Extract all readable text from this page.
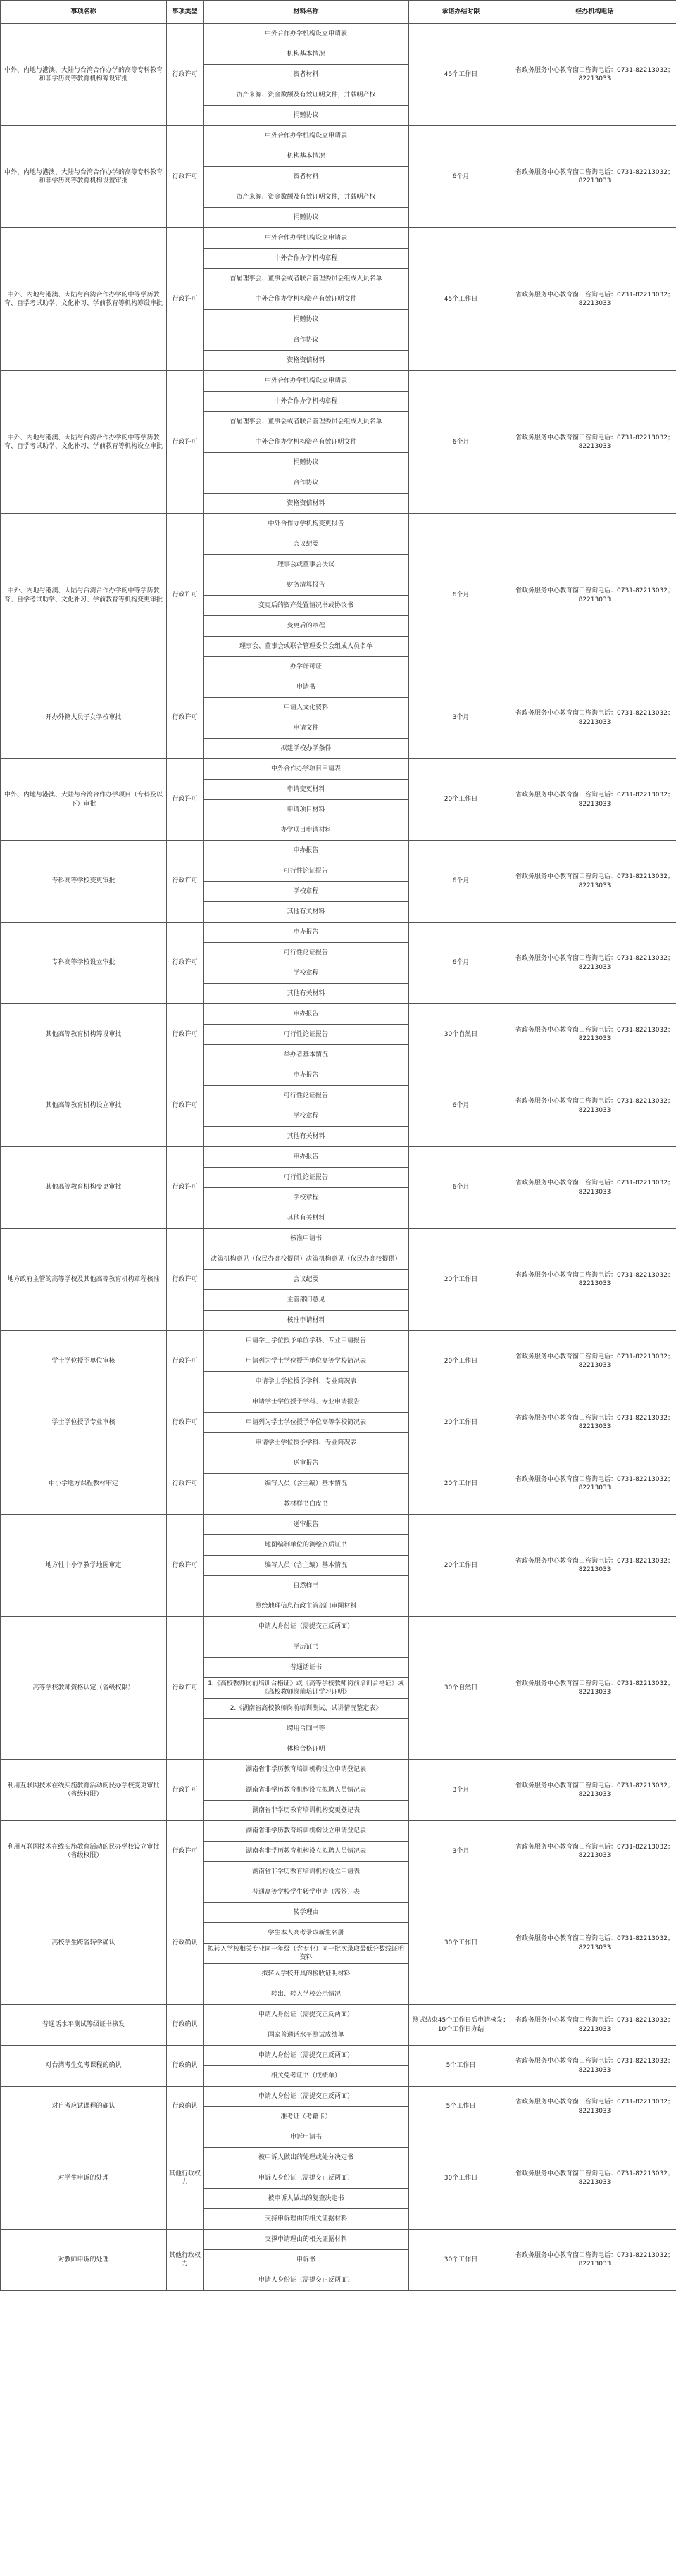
事项名称	事项类型	材料名称	承诺办结时限	经办机构电话
中外、内地与港澳、大陆与台湾合作办学的高等专科教育和非学历高等教育机构筹设审批	行政许可	中外合作办学机构设立申请表	45个工作日	省政务服务中心教育窗口咨询电话：0731-82213032；82213033
		机构基本情况		
		资者材料		
		资产来源、资金数额及有效证明文件，并载明产权		
		捐赠协议		
中外、内地与港澳、大陆与台湾合作办学的高等专科教育和非学历高等教育机构设置审批	行政许可	中外合作办学机构设立申请表	6个月	省政务服务中心教育窗口咨询电话：0731-82213032；82213033
		机构基本情况		
		资者材料		
		资产来源、资金数额及有效证明文件，并载明产权		
		捐赠协议		
中外、内地与港澳、大陆与台湾合作办学的中等学历教育、自学考试助学、文化补习、学前教育等机构筹设审批	行政许可	中外合作办学机构设立申请表	45个工作日	省政务服务中心教育窗口咨询电话：0731-82213032；82213033
		中外合作办学机构章程		
		首届理事会、董事会或者联合管理委员会组成人员名单		
		中外合作办学机构资产有效证明文件		
		捐赠协议		
		合作协议		
		资格资信材料		
中外、内地与港澳、大陆与台湾合作办学的中等学历教育、自学考试助学、文化补习、学前教育等机构设立审批	行政许可	中外合作办学机构设立申请表	6个月	省政务服务中心教育窗口咨询电话：0731-82213032；82213033
		中外合作办学机构章程		
		首届理事会、董事会或者联合管理委员会组成人员名单		
		中外合作办学机构资产有效证明文件		
		捐赠协议		
		合作协议		
		资格资信材料		
中外、内地与港澳、大陆与台湾合作办学的中等学历教育、自学考试助学、文化补习、学前教育等机构变更审批	行政许可	中外合作办学机构变更报告	6个月	省政务服务中心教育窗口咨询电话：0731-82213032；82213033
		会议纪要		
		理事会或董事会决议		
		财务清算报告		
		变更后的资产处置情况书或协议书		
		变更后的章程		
		理事会、董事会或联合管理委员会组成人员名单		
		办学许可证		
开办外籍人员子女学校审批	行政许可	申请书	3个月	省政务服务中心教育窗口咨询电话：0731-82213032；82213033
		申请人文化资料		
		申请文件		
		拟建学校办学条件		
中外、内地与港澳、大陆与台湾合作办学项目（专科及以下）审批	行政许可	中外合作办学项目申请表	20个工作日	省政务服务中心教育窗口咨询电话：0731-82213032；82213033
		申请变更材料		
		申请项目材料		
		办学项目申请材料		
专科高等学校变更审批	行政许可	申办报告	6个月	省政务服务中心教育窗口咨询电话：0731-82213032；82213033
		可行性论证报告		
		学校章程		
		其他有关材料		
专科高等学校设立审批	行政许可	申办报告	6个月	省政务服务中心教育窗口咨询电话：0731-82213032；82213033
		可行性论证报告		
		学校章程		
		其他有关材料		
其他高等教育机构筹设审批	行政许可	申办报告	30个自然日	省政务服务中心教育窗口咨询电话：0731-82213032；82213033
		可行性论证报告		
		举办者基本情况		
其他高等教育机构设立审批	行政许可	申办报告	6个月	省政务服务中心教育窗口咨询电话：0731-82213032；82213033
		可行性论证报告		
		学校章程		
		其他有关材料		
其他高等教育机构变更审批	行政许可	申办报告	6个月	省政务服务中心教育窗口咨询电话：0731-82213032；82213033
		可行性论证报告		
		学校章程		
		其他有关材料		
地方政府主管的高等学校及其他高等教育机构章程核准	行政许可	核准申请书	20个工作日	省政务服务中心教育窗口咨询电话：0731-82213032；82213033
		决策机构意见（仅民办高校提供）决策机构意见（仅民办高校提供）		
		会议纪要		
		主管部门意见		
		核准申请材料		
学士学位授予单位审核	行政许可	申请学士学位授予单位学科、专业申请报告	20个工作日	省政务服务中心教育窗口咨询电话：0731-82213032；82213033
		申请列为学士学位授予单位高等学校简况表		
		申请学士学位授予学科、专业简况表		
学士学位授予专业审核	行政许可	申请学士学位授予学科、专业申请报告	20个工作日	省政务服务中心教育窗口咨询电话：0731-82213032；82213033
		申请列为学士学位授予单位高等学校简况表		
		申请学士学位授予学科、专业简况表		
中小学地方课程教材审定	行政许可	送审报告	20个工作日	省政务服务中心教育窗口咨询电话：0731-82213032；82213033
		编写人员（含主编）基本情况		
		教材样书白皮书		
地方性中小学教学地图审定	行政许可	送审报告	20个工作日	省政务服务中心教育窗口咨询电话：0731-82213032；82213033
		地图编制单位的测绘资质证书		
		编写人员（含主编）基本情况		
		自然样书		
		测绘地理信息行政主管部门审图材料		
高等学校教师资格认定（省级权限）	行政许可	申请人身份证（需提交正反两面）	30个自然日	省政务服务中心教育窗口咨询电话：0731-82213032；82213033
		学历证书		
		普通话证书		
		1.《高校教师岗前培训合格证》或《高等学校教师岗前培训合格证》或《高校教师岗前培训学习证明》		
		2.《湖南省高校教师岗前培训测试、试讲情况鉴定表》		
		聘用合同书等		
		体检合格证明		
利用互联网技术在线实施教育活动的民办学校变更审批（省级权限）	行政许可	湖南省非学历教育培训机构设立申请登记表	3个月	省政务服务中心教育窗口咨询电话：0731-82213032；82213033
		湖南省非学历教育机构设立拟聘人员情况表		
		湖南省非学历教育培训机构变更登记表		
利用互联网技术在线实施教育活动的民办学校设立审批（省级权限）	行政许可	湖南省非学历教育培训机构设立申请登记表	3个月	省政务服务中心教育窗口咨询电话：0731-82213032；82213033
		湖南省非学历教育机构设立拟聘人员情况表		
		湖南省非学历教育培训机构设立申请表		
高校学生跨省转学确认	行政确认	普通高等学校学生转学申请（需签）表	30个工作日	省政务服务中心教育窗口咨询电话：0731-82213032；82213033
		转学理由		
		学生本人高考录取新生名册		
		拟转入学校相关专业同一年级（含专业）同一批次录取最低分数线证明资料		
		拟转入学校开具的接收证明材料		
		转出、转入学校公示情况		
普通话水平测试等级证书核发	行政确认	申请人身份证（需提交正反两面）	测试结束45个工作日后申请核发；10个工作日办结	省政务服务中心教育窗口咨询电话：0731-82213032；82213033
		国家普通话水平测试成绩单		
对台湾考生免考课程的确认	行政确认	申请人身份证（需提交正反两面）	5个工作日	省政务服务中心教育窗口咨询电话：0731-82213032；82213033
		相关免考证书（成绩单）		
对自考应试课程的确认	行政确认	申请人身份证（需提交正反两面）	5个工作日	省政务服务中心教育窗口咨询电话：0731-82213032；82213033
		准考证（考籍卡）		
对学生申诉的处理	其他行政权力	申诉申请书	30个工作日	省政务服务中心教育窗口咨询电话：0731-82213032；82213033
		被申诉人做出的处理或处分决定书		
		申诉人身份证（需提交正反两面）		
		被申诉人做出的复查决定书		
		支持申诉理由的相关证据材料		
对教师申诉的处理	其他行政权力	支撑申请理由的相关证据材料	30个工作日	省政务服务中心教育窗口咨询电话：0731-82213032；82213033
		申诉书		
		申请人身份证（需提交正反两面）		
